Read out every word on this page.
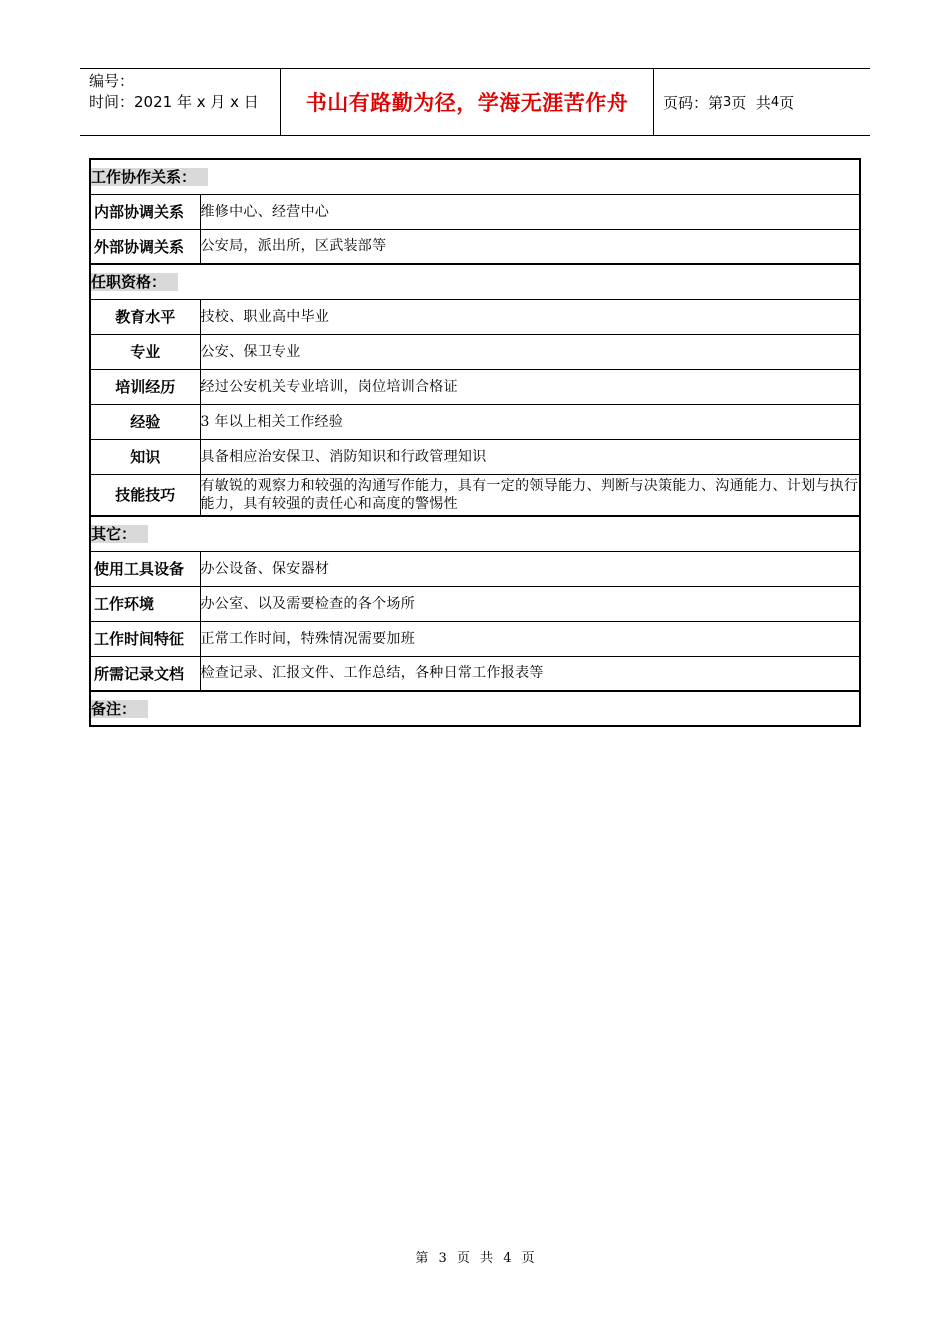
编号：
时间：2021 年 x 月 x 日	书山有路勤为径，学海无涯苦作舟	页码：第 3 页  共 4 页
工作协作关系：	
内部协调关系	维修中心、经营中心
外部协调关系	公安局，派出所，区武装部等
任职资格：	
教育水平	技校、职业高中毕业
专业	公安、保卫专业
培训经历	经过公安机关专业培训，岗位培训合格证
经验	3 年以上相关工作经验
知识	具备相应治安保卫、消防知识和行政管理知识
技能技巧	有敏锐的观察力和较强的沟通写作能力，具有一定的领导能力、判断与决策能力、沟通能力、计划与执行能力，具有较强的责任心和高度的警惕性
其它：	
使用工具设备	办公设备、保安器材
工作环境	办公室、以及需要检查的各个场所
工作时间特征	正常工作时间，特殊情况需要加班
所需记录文档	检查记录、汇报文件、工作总结，各种日常工作报表等
备注：	
第 3 页 共 4 页
